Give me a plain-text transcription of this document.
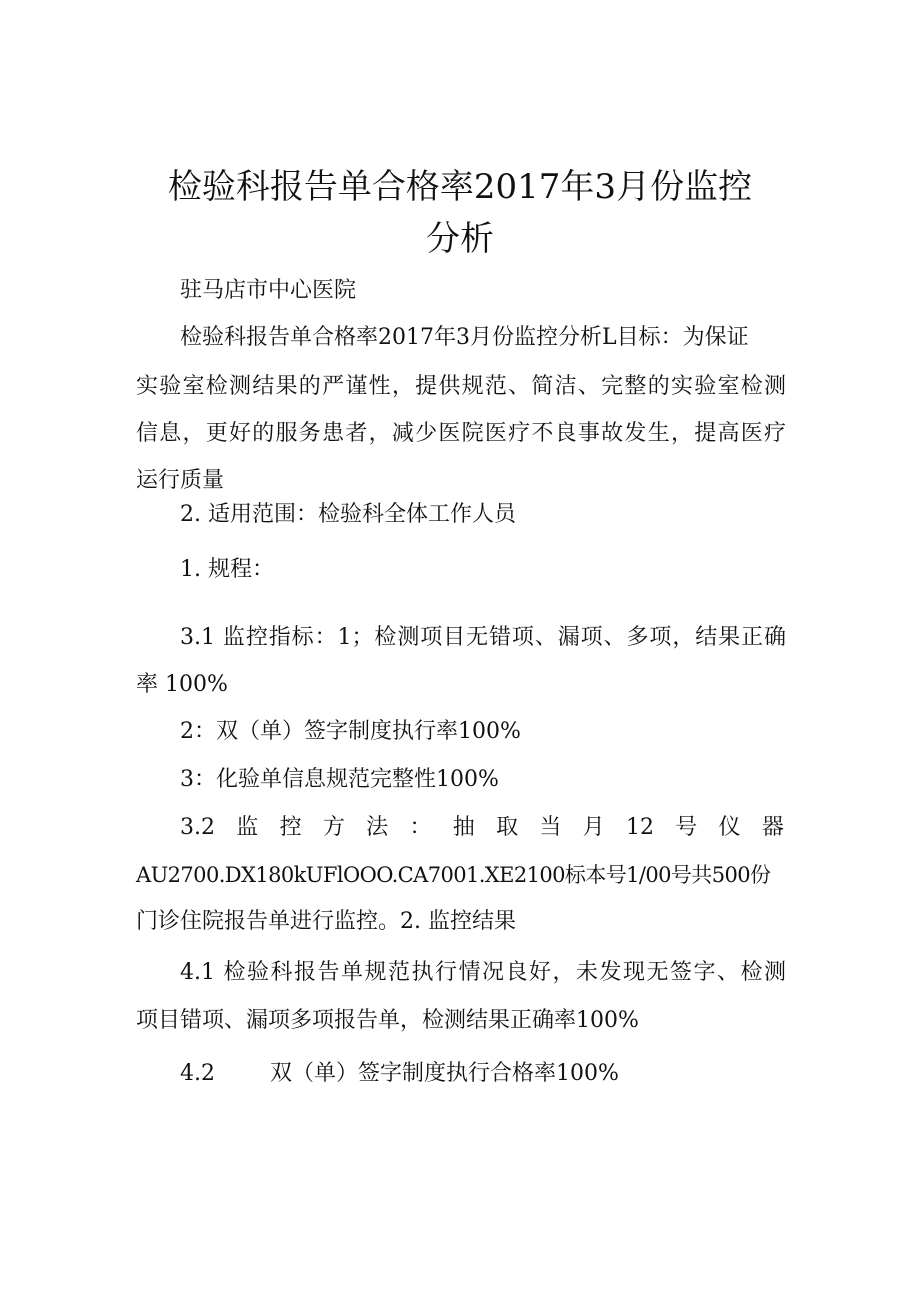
检验科报告单合格率2017年3月份监控
分析

驻马店市中心医院

检验科报告单合格率2017年3月份监控分析L目标：为保证

实验室检测结果的严谨性，提供规范、简洁、完整的实验室检测

信息，更好的服务患者，减少医院医疗不良事故发生，提高医疗

运行质量

2. 适用范围：检验科全体工作人员

1. 规程：

3.1 监控指标：1；检测项目无错项、漏项、多项，结果正确

率 100%

2：双（单）签字制度执行率100%

3：化验单信息规范完整性100%

3.2 监 控 方 法 ： 抽 取 当 月 12 号 仪 器

AU2700.DX180kUFlOOO.CA7001.XE2100标本号1/00号共500份

门诊住院报告单进行监控。2. 监控结果

4.1 检验科报告单规范执行情况良好，未发现无签字、检测

项目错项、漏项多项报告单，检测结果正确率100%

4.2	双（单）签字制度执行合格率100%
